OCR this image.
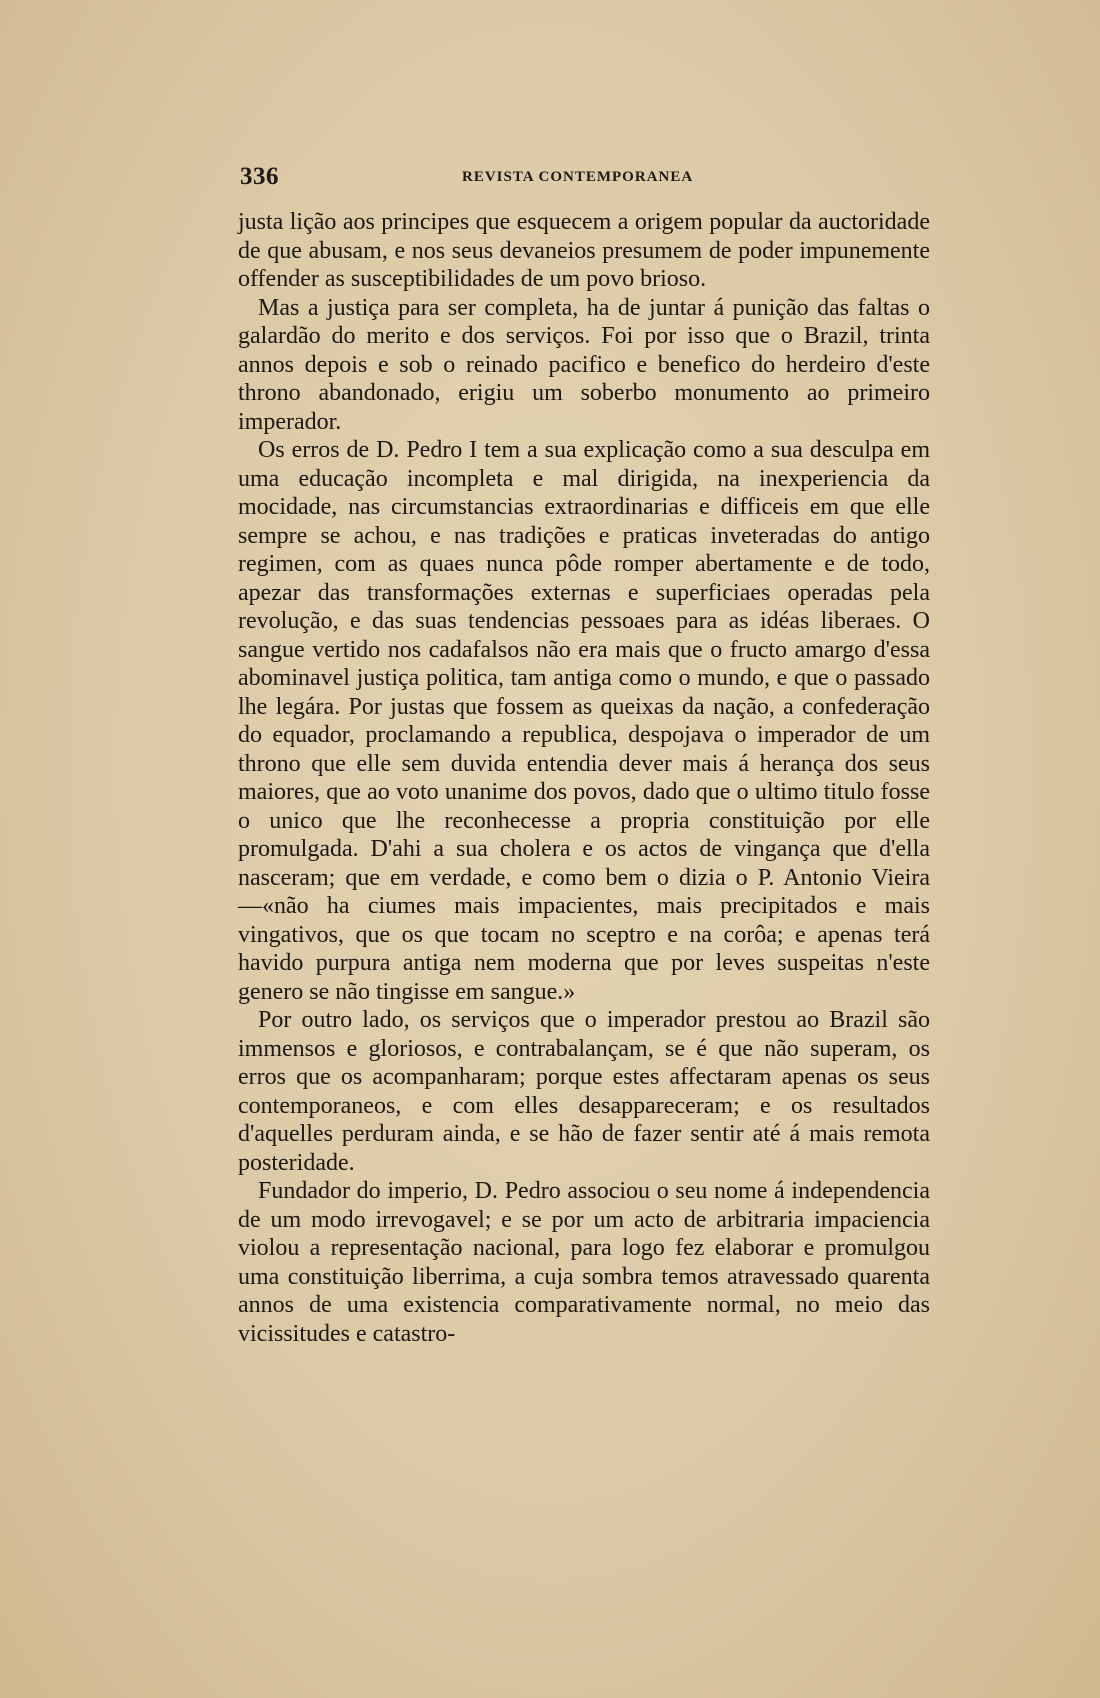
336	REVISTA CONTEMPORANEA

justa lição aos principes que esquecem a origem popular da auctoridade de que abusam, e nos seus devaneios presumem de poder impunemente offender as susceptibilidades de um povo brioso.

Mas a justiça para ser completa, ha de juntar á punição das faltas o galardão do merito e dos serviços. Foi por isso que o Brazil, trinta annos depois e sob o reinado pacifico e benefico do herdeiro d'este throno abandonado, erigiu um soberbo monumento ao primeiro imperador.

Os erros de D. Pedro I tem a sua explicação como a sua desculpa em uma educação incompleta e mal dirigida, na inexperiencia da mocidade, nas circumstancias extraordinarias e difficeis em que elle sempre se achou, e nas tradições e praticas inveteradas do antigo regimen, com as quaes nunca pôde romper abertamente e de todo, apezar das transformações externas e superficiaes operadas pela revolução, e das suas tendencias pessoaes para as idéas liberaes. O sangue vertido nos cadafalsos não era mais que o fructo amargo d'essa abominavel justiça politica, tam antiga como o mundo, e que o passado lhe legára. Por justas que fossem as queixas da nação, a confederação do equador, proclamando a republica, despojava o imperador de um throno que elle sem duvida entendia dever mais á herança dos seus maiores, que ao voto unanime dos povos, dado que o ultimo titulo fosse o unico que lhe reconhecesse a propria constituição por elle promulgada. D'ahi a sua cholera e os actos de vingança que d'ella nasceram; que em verdade, e como bem o dizia o P. Antonio Vieira—«não ha ciumes mais impacientes, mais precipitados e mais vingativos, que os que tocam no sceptro e na corôa; e apenas terá havido purpura antiga nem moderna que por leves suspeitas n'este genero se não tingisse em sangue.»

Por outro lado, os serviços que o imperador prestou ao Brazil são immensos e gloriosos, e contrabalançam, se é que não superam, os erros que os acompanharam; porque estes affectaram apenas os seus contemporaneos, e com elles desappareceram; e os resultados d'aquelles perduram ainda, e se hão de fazer sentir até á mais remota posteridade.

Fundador do imperio, D. Pedro associou o seu nome á independencia de um modo irrevogavel; e se por um acto de arbitraria impaciencia violou a representação nacional, para logo fez elaborar e promulgou uma constituição liberrima, a cuja sombra temos atravessado quarenta annos de uma existencia comparativamente normal, no meio das vicissitudes e catastro-
